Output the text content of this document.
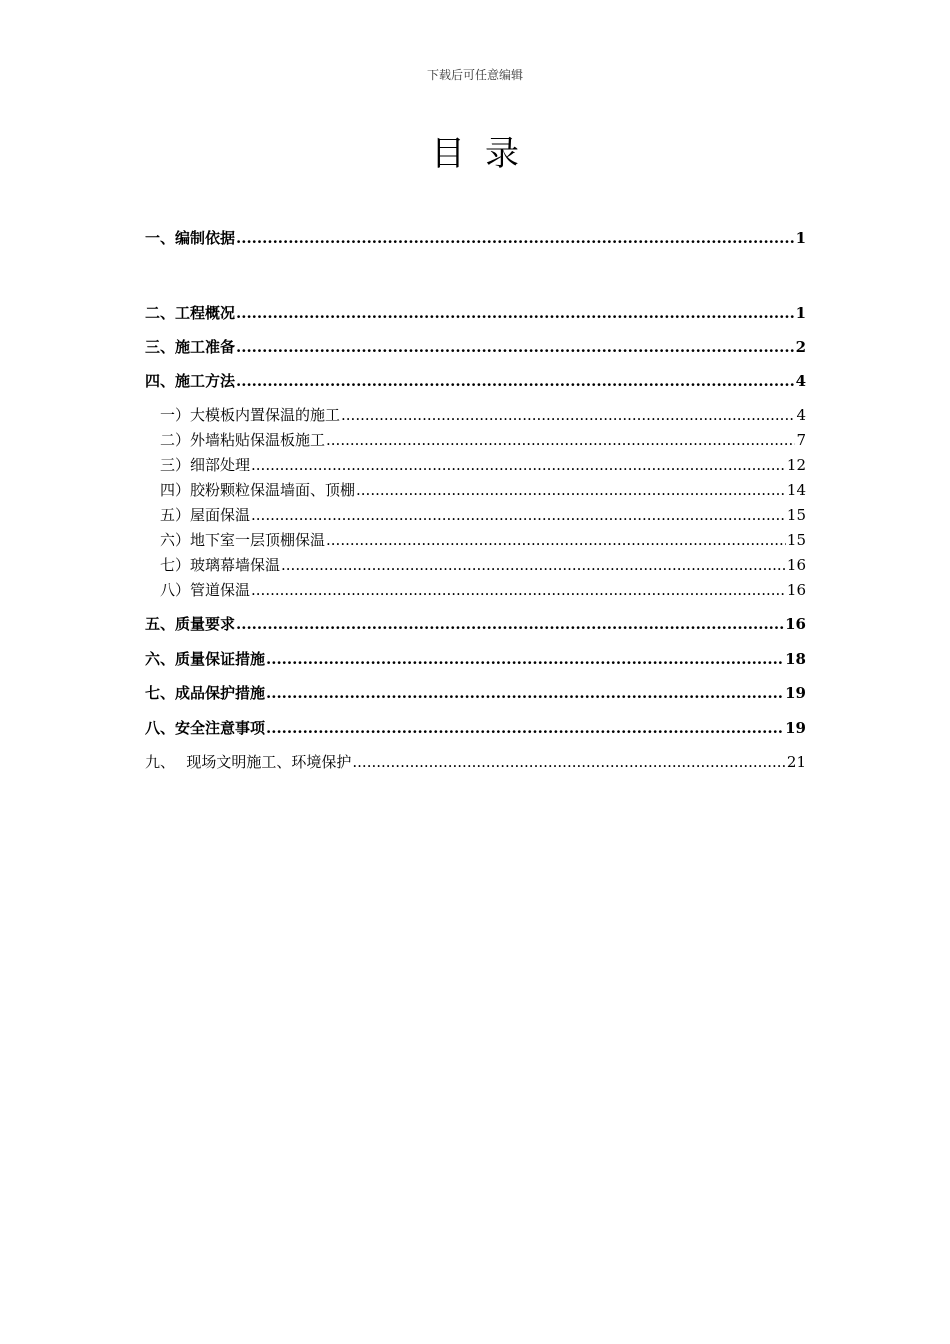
下载后可任意编辑
目录
一、编制依据 .....	1
二、工程概况 .....	1
三、施工准备 .....	2
四、施工方法 .....	4
一）大模板内置保温的施工 .....	4
二）外墙粘贴保温板施工 .....	7
三）细部处理 .....	12
四）胶粉颗粒保温墙面、顶棚 .....	14
五）屋面保温 .....	15
六）地下室一层顶棚保温 .....	15
七）玻璃幕墙保温 .....	16
八）管道保温 .....	16
五、质量要求 .....	16
六、质量保证措施 .....	18
七、成品保护措施 .....	19
八、安全注意事项 .....	19
九、 现场文明施工、环境保护 .....	21
